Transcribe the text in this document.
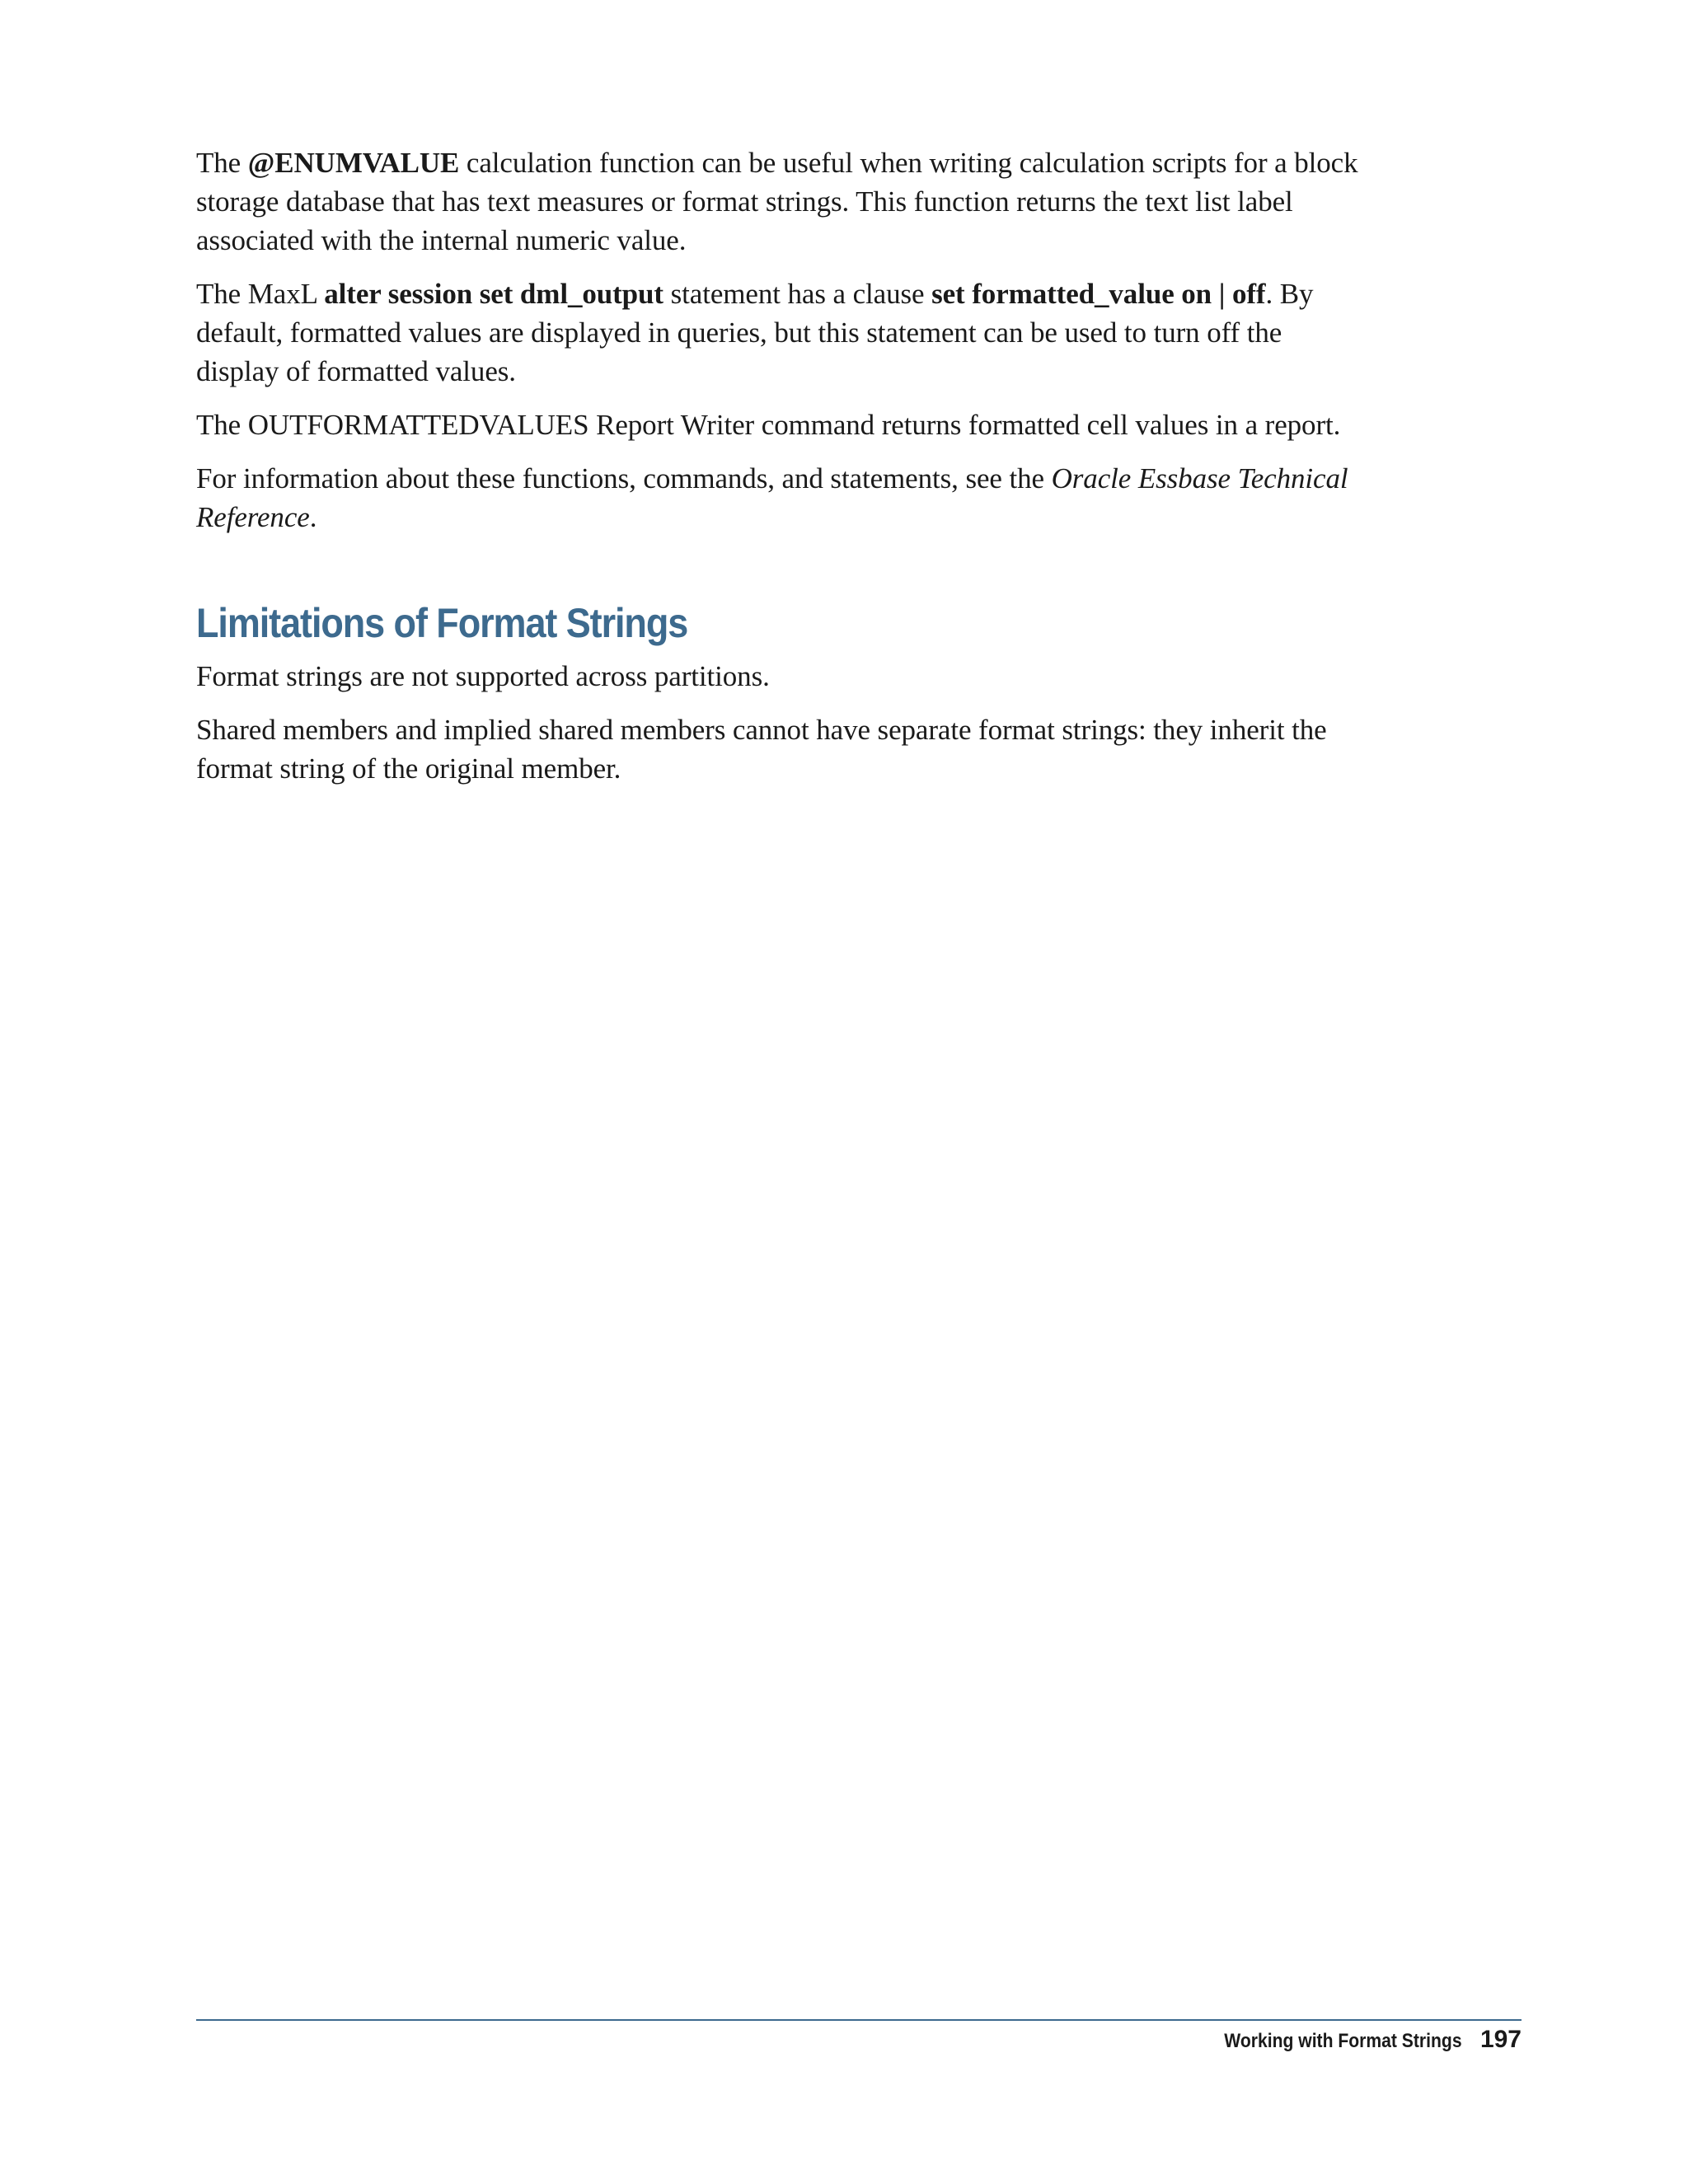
The @ENUMVALUE calculation function can be useful when writing calculation scripts for a block storage database that has text measures or format strings. This function returns the text list label associated with the internal numeric value.

The MaxL alter session set dml_output statement has a clause set formatted_value on | off. By default, formatted values are displayed in queries, but this statement can be used to turn off the display of formatted values.

The OUTFORMATTEDVALUES Report Writer command returns formatted cell values in a report.

For information about these functions, commands, and statements, see the Oracle Essbase Technical Reference.

Limitations of Format Strings

Format strings are not supported across partitions.

Shared members and implied shared members cannot have separate format strings: they inherit the format string of the original member.

Working with Format Strings 197
